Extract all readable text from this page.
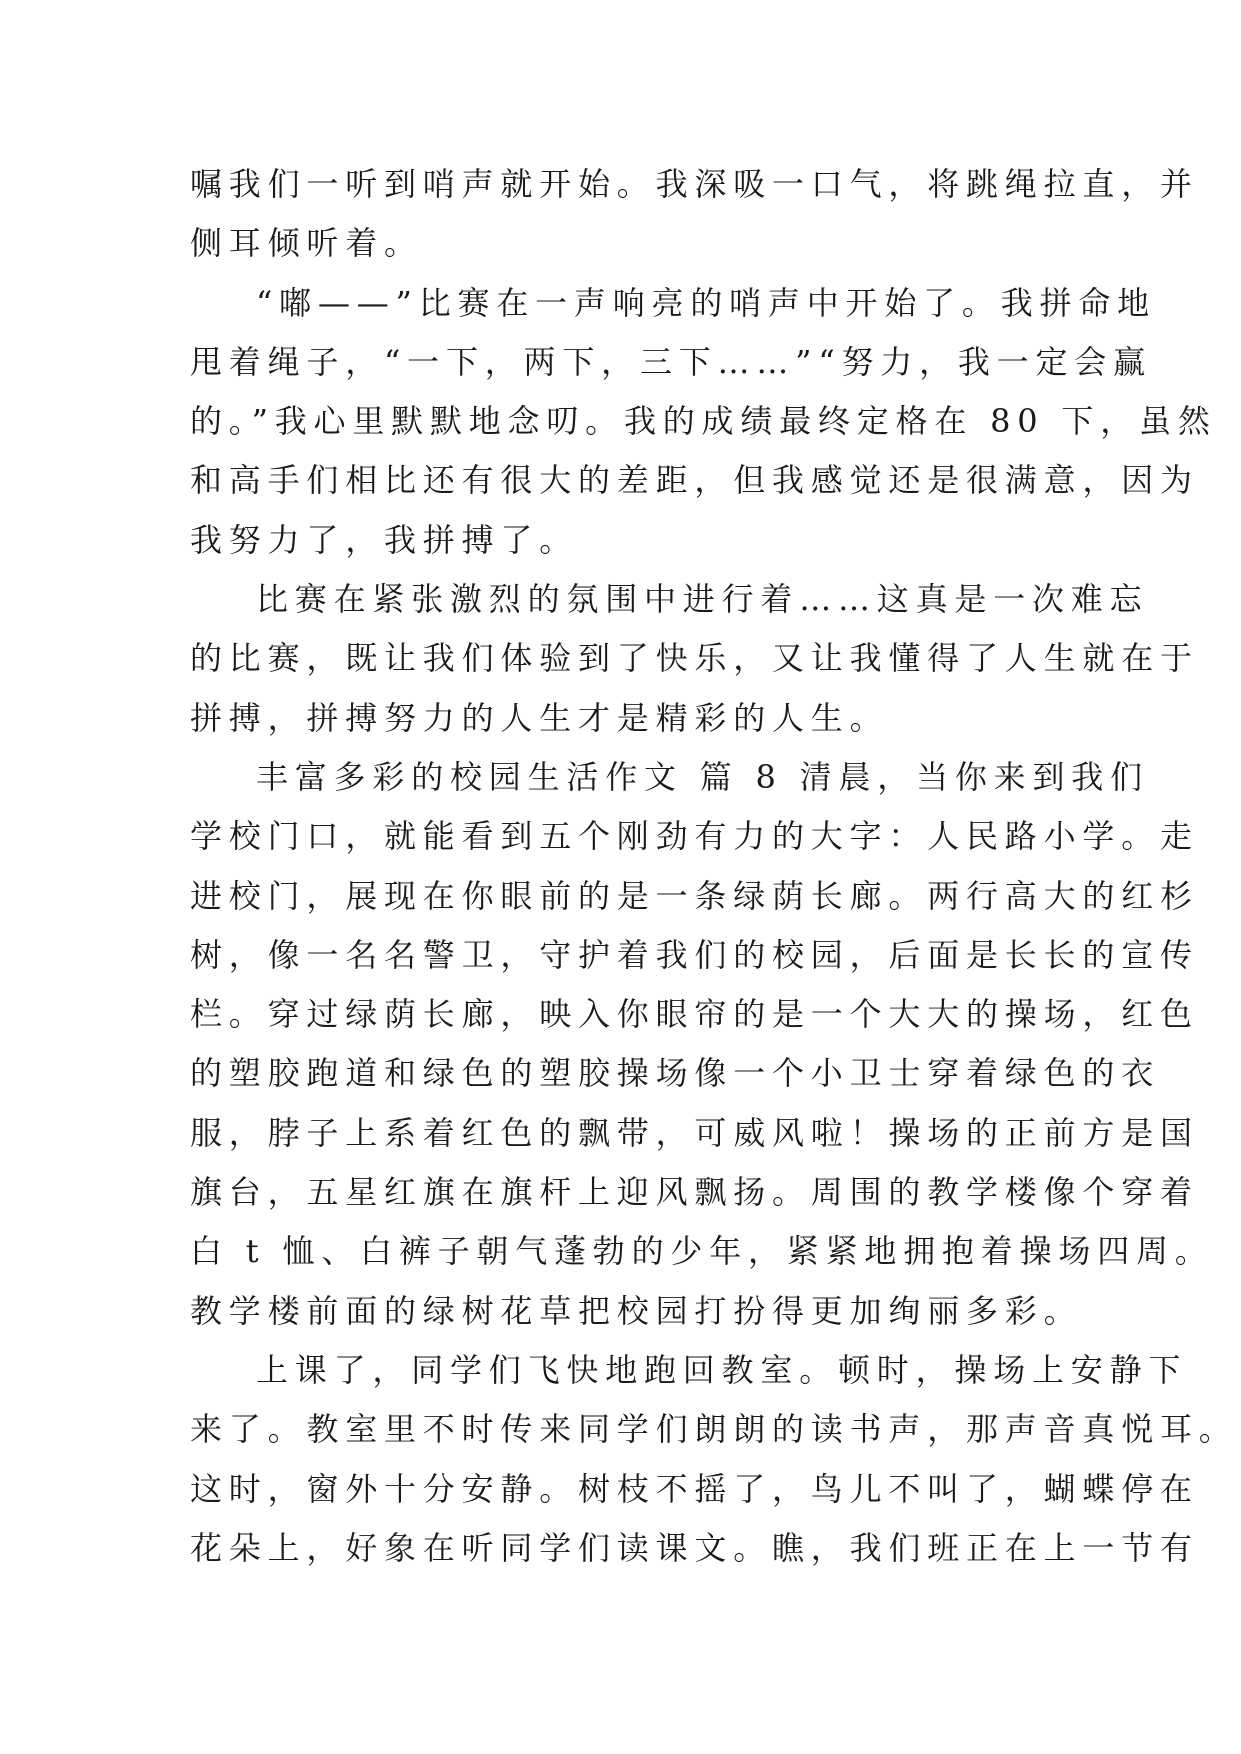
嘱我们一听到哨声就开始。我深吸一口气，将跳绳拉直，并
侧耳倾听着。
“嘟——”比赛在一声响亮的哨声中开始了。我拼命地
甩着绳子，“一下，两下，三下……”“努力，我一定会赢
的。”我心里默默地念叨。我的成绩最终定格在 80 下，虽然
和高手们相比还有很大的差距，但我感觉还是很满意，因为
我努力了，我拼搏了。
比赛在紧张激烈的氛围中进行着……这真是一次难忘
的比赛，既让我们体验到了快乐，又让我懂得了人生就在于
拼搏，拼搏努力的人生才是精彩的人生。
丰富多彩的校园生活作文 篇 8 清晨，当你来到我们
学校门口，就能看到五个刚劲有力的大字：人民路小学。走
进校门，展现在你眼前的是一条绿荫长廊。两行高大的红杉
树，像一名名警卫，守护着我们的校园，后面是长长的宣传
栏。穿过绿荫长廊，映入你眼帘的是一个大大的操场，红色
的塑胶跑道和绿色的塑胶操场像一个小卫士穿着绿色的衣
服，脖子上系着红色的飘带，可威风啦！操场的正前方是国
旗台，五星红旗在旗杆上迎风飘扬。周围的教学楼像个穿着
白 t 恤、白裤子朝气蓬勃的少年，紧紧地拥抱着操场四周。
教学楼前面的绿树花草把校园打扮得更加绚丽多彩。
上课了，同学们飞快地跑回教室。顿时，操场上安静下
来了。教室里不时传来同学们朗朗的读书声，那声音真悦耳。
这时，窗外十分安静。树枝不摇了，鸟儿不叫了，蝴蝶停在
花朵上，好象在听同学们读课文。瞧，我们班正在上一节有
